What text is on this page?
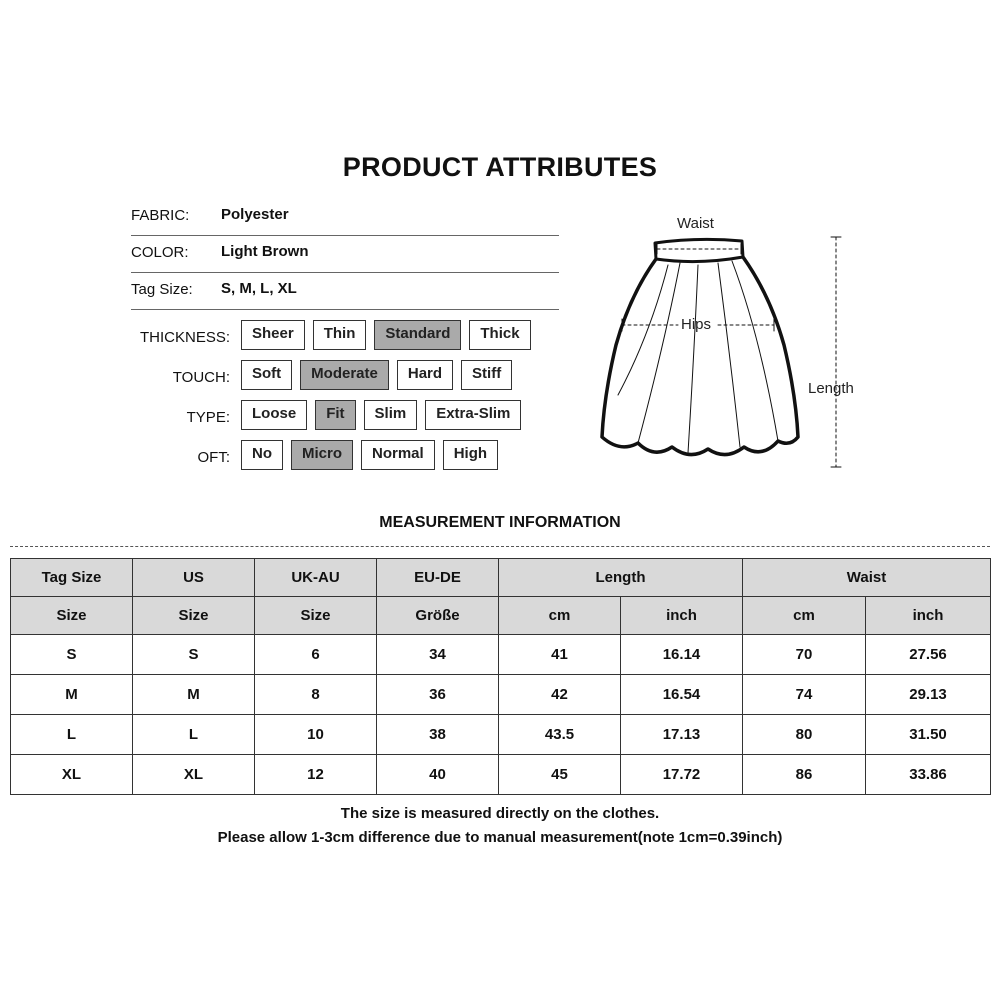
PRODUCT ATTRIBUTES
FABRIC: Polyester
COLOR: Light Brown
Tag Size: S, M, L, XL
THICKNESS:	Sheer Thin Standard Thick
TOUCH:	Soft Moderate Hard Stiff
TYPE:	Loose Fit Slim Extra-Slim
OFT:	No Micro Normal High
Waist
Hips
Length
MEASUREMENT INFORMATION
Tag Size	US	UK-AU	EU-DE	Length		Waist	
Size	Size	Size	Größe	cm	inch	cm	inch
S	S	6	34	41	16.14	70	27.56
M	M	8	36	42	16.54	74	29.13
L	L	10	38	43.5	17.13	80	31.50
XL	XL	12	40	45	17.72	86	33.86
The size is measured directly on the clothes.
Please allow 1-3cm difference due to manual measurement(note 1cm=0.39inch)
